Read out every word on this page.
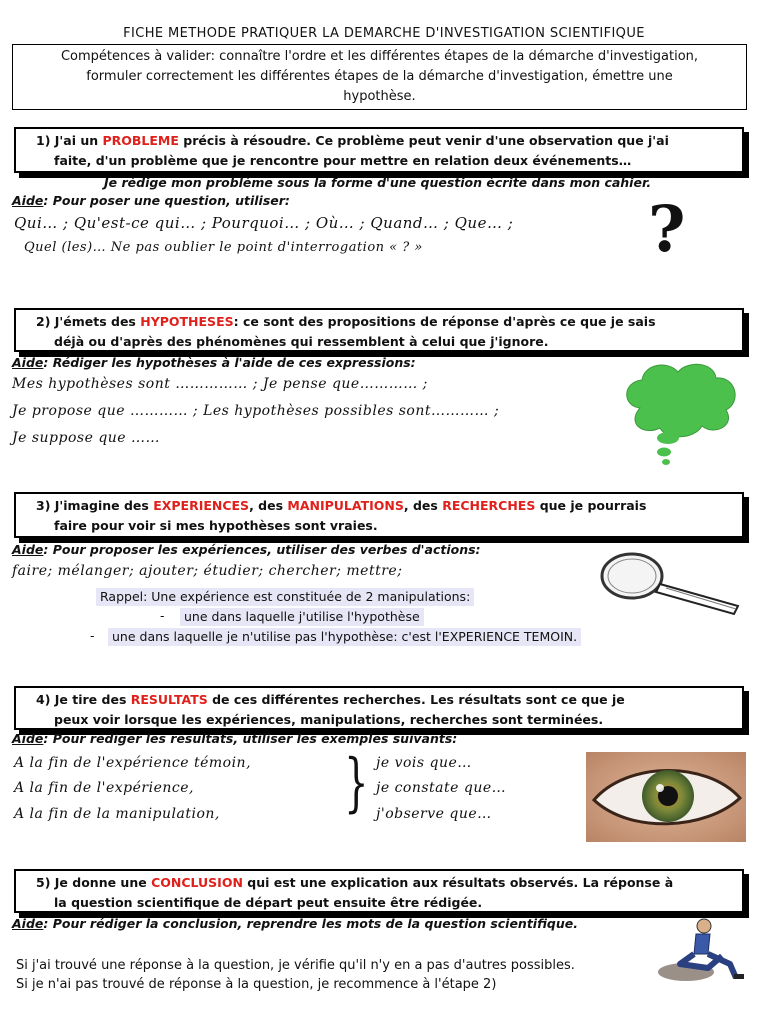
FICHE METHODE PRATIQUER LA DEMARCHE D'INVESTIGATION SCIENTIFIQUE
Compétences à valider: connaître l'ordre et les différentes étapes de la démarche d'investigation,
formuler correctement les différentes étapes de la démarche d'investigation, émettre une
hypothèse.
1) J'ai un PROBLEME précis à résoudre. Ce problème peut venir d'une observation que j'ai
faite, d'un problème que je rencontre pour mettre en relation deux événements…
Je rédige mon problème sous la forme d'une question écrite dans mon cahier.
Aide: Pour poser une question, utiliser:
Qui… ; Qu'est-ce qui… ; Pourquoi… ; Où… ; Quand… ; Que… ;
Quel (les)… Ne pas oublier le point d'interrogation « ? »	?
2) J'émets des HYPOTHESES: ce sont des propositions de réponse d'après ce que je sais
déjà ou d'après des phénomènes qui ressemblent à celui que j'ignore.
Aide: Rédiger les hypothèses à l'aide de ces expressions:
Mes hypothèses sont …………… ; Je pense que………… ;
Je propose que ………… ; Les hypothèses possibles sont………… ;
Je suppose que ……
3) J'imagine des EXPERIENCES, des MANIPULATIONS, des RECHERCHES que je pourrais
faire pour voir si mes hypothèses sont vraies.
Aide: Pour proposer les expériences, utiliser des verbes d'actions:
faire; mélanger; ajouter; étudier; chercher; mettre;
Rappel: Une expérience est constituée de 2 manipulations:
-	une dans laquelle j'utilise l'hypothèse
-	une dans laquelle je n'utilise pas l'hypothèse: c'est l'EXPERIENCE TEMOIN.
4) Je tire des RESULTATS de ces différentes recherches. Les résultats sont ce que je
peux voir lorsque les expériences, manipulations, recherches sont terminées.
Aide: Pour rédiger les résultats, utiliser les exemples suivants:
A la fin de l'expérience témoin,
A la fin de l'expérience,
A la fin de la manipulation, } je vois que…
je constate que…
j'observe que…
5) Je donne une CONCLUSION qui est une explication aux résultats observés. La réponse à
la question scientifique de départ peut ensuite être rédigée.
Aide: Pour rédiger la conclusion, reprendre les mots de la question scientifique.
Si j'ai trouvé une réponse à la question, je vérifie qu'il n'y en a pas d'autres possibles.
Si je n'ai pas trouvé de réponse à la question, je recommence à l'étape 2)
